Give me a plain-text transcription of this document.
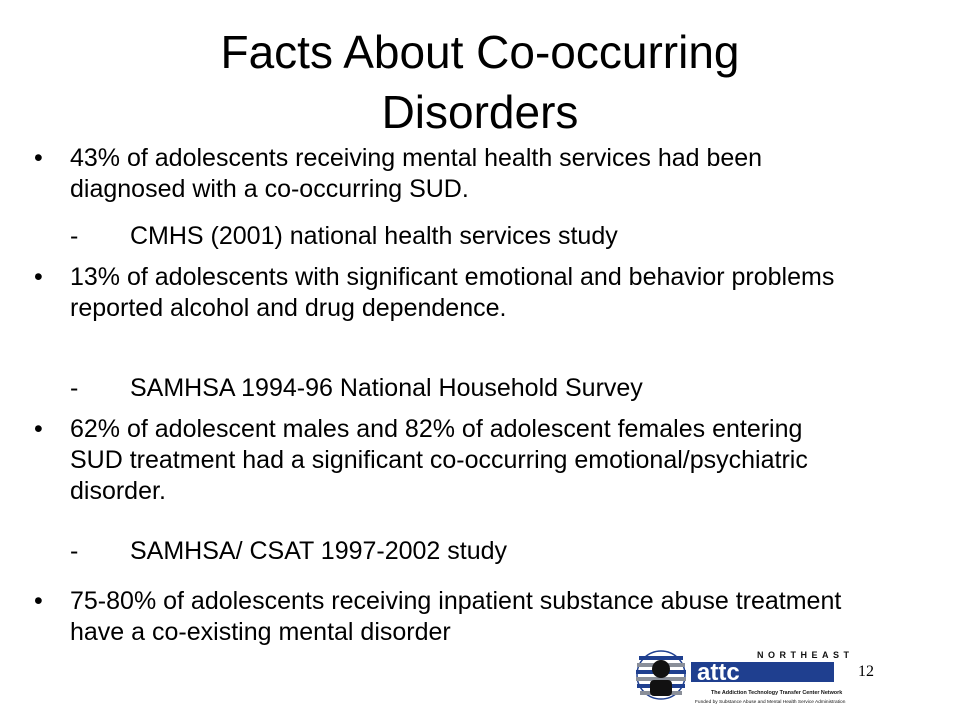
Facts About Co-occurring
Disorders
• 43% of adolescents receiving mental health services had been diagnosed with a co-occurring SUD.
- CMHS (2001) national health services study
• 13% of adolescents with significant emotional and behavior problems reported alcohol and drug dependence.
- SAMHSA 1994-96 National Household Survey
• 62% of adolescent males and 82% of adolescent females entering SUD treatment had a significant co-occurring emotional/psychiatric disorder.
- SAMHSA/ CSAT 1997-2002 study
• 75-80% of adolescents receiving inpatient substance abuse treatment have a co-existing mental disorder
NORTHEAST
attc
The Addiction Technology Transfer Center Network
Funded by Substance Abuse and Mental Health Service Administration
12
